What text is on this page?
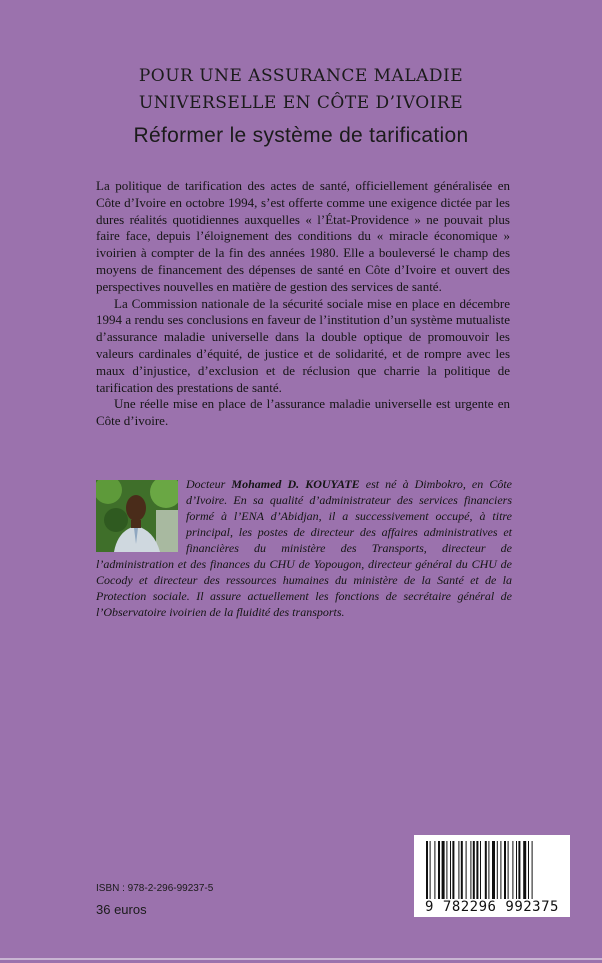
POUR UNE ASSURANCE MALADIE
UNIVERSELLE EN CÔTE D’IVOIRE
Réformer le système de tarification

La politique de tarification des actes de santé, officiellement généralisée en Côte d’Ivoire en octobre 1994, s’est offerte comme une exigence dictée par les dures réalités quotidiennes auxquelles « l’État-Providence » ne pouvait plus faire face, depuis l’éloignement des conditions du « miracle économique » ivoirien à compter de la fin des années 1980. Elle a bouleversé le champ des moyens de financement des dépenses de santé en Côte d’Ivoire et ouvert des perspectives nouvelles en matière de gestion des services de santé.

La Commission nationale de la sécurité sociale mise en place en décembre 1994 a rendu ses conclusions en faveur de l’institution d’un système mutualiste d’assurance maladie universelle dans la double optique de promouvoir les valeurs cardinales d’équité, de justice et de solidarité, et de rompre avec les maux d’injustice, d’exclusion et de réclusion que charrie la politique de tarification des prestations de santé.

Une réelle mise en place de l’assurance maladie universelle est urgente en Côte d’ivoire.

Docteur Mohamed D. KOUYATE est né à Dimbokro, en Côte d’Ivoire. En sa qualité d’administrateur des services financiers formé à l’ENA d’Abidjan, il a successivement occupé, à titre principal, les postes de directeur des affaires administratives et financières du ministère des Transports, directeur de l’administration et des finances du CHU de Yopougon, directeur général du CHU de Cocody et directeur des ressources humaines du ministère de la Santé et de la Protection sociale. Il assure actuellement les fonctions de secrétaire général de l’Observatoire ivoirien de la fluidité des transports.
ISBN : 978-2-296-99237-5
36 euros	9 782296 992375
